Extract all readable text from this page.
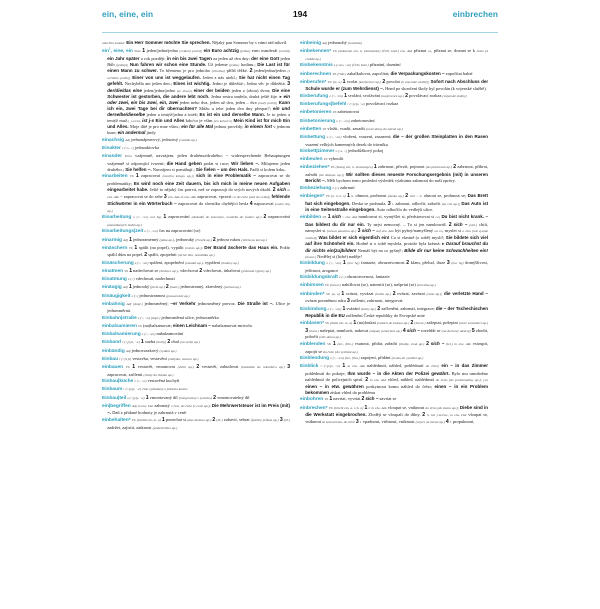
ein, eine, ein	194	einbrechen

mluvčím známá: Ein Herr Sommer möchte Sie sprechen. Nějaký pan Sommer by s vámi rád mluvil.

ein$^1$, eine, ein Num 1 jeden/jedna/jedno (celkový počet); ein Euro achtzig (jedno) euro osmdesát (centů); ein Jahr später o rok později; in ein bis zwei Tagen za jeden až dva dny; der eine Gott jeden Bůh (jediný); Nun fahren wir schon eine Stunde. Už jedeme (jednu) hodinu.; Die Last ist für einen Mann zu schwer. To břemeno je pro jednoho (člověka) příliš těžké. 2 jeden/jedna/jedno (z určitého počtu); Einer von uns ist weggelaufen. Jeden z nás utekl.; Sie hat nicht einen Tag gefehlt. Nechyběla ani jeden den.; Eines ist wichtig. Jedno je důležité.; Jedna věc je důležitá. 3 der/die/das eine jeden/jedna/jedno (ze dvou); einer der beiden jeden z (obou) dvou; Die eine Schwester ist gestorben, die andere lebt noch. Jedna sestra umřela, druhá ještě žije. ▸ ein oder zwei, ein bis zwei, ein, zwei jeden nebo dva, jeden až dva, jeden – dva (malý počet); Kann ich ein, zwei Tage bei dir übernachten? Můžu u tebe jeden dva dny přespat?; ein und derselbe/dieselbe jeden a tentýž/jedna a totéž; Es ist ein und derselbe Mann. Je to jeden a tentýž muž.; j-s/etw. ist j-s Ein und Alles kdo/co je vším pro koho/co; Mein Kind ist für mich Ein und Alles. Moje dítě je pro mne vším.; ein für alle Mal jednou provždy; in einem fort v jednom kuse; ein andermal jindy

einachsig Adj jednonápravový, jednoosý (vozidlo ap.)

Einakter r (~s, =) jednoaktovka

einander Pron vzájemně, navzájem, jeden druhému/druhého; ~ widersprechende Behauptungen vzájemně si odporující tvrzení; die Hand geben podat si ruce; Wir lieben ~. Milujeme jeden druhého.; Sie helfen ~. Navzájem si pomáhají.; Sie fielen ~ um den Hals. Padli si kolem krku.

einarbeiten Vb 1 zapracovat (nového kolegu ap.); sich in eine Problematik ~ zapracovat se do problematiky; Es wird noch eine Zeit dauern, bis ich mich in meine neuen Aufgaben eingearbeitet habe. Ještě to nějaký čas potrvá, než se zapracuji do svých nových úkolů. 2 sich in etw. Akk ~ zapracovat se do sebe 3 etw. Akk in etw. Akk zapracovat, vpravit co do čeho (zad do celku); fehlende Stichwörter in ein Wörterbuch ~ zapracovat do slovníku chybějící hesla 4 napracovat (volné dny ap.)

Einarbeitung e (~, ~en; not Sg) 1 zapracování (dodatků do konceptu, nováčka do funkce ap.) 2 napracování (zameškaných hodin ap.)

Einarbeitungs|zeit e (~, ~en) čas na zapracování (se)

einarmig Adj 1 jednoramenný (páka ap.), jednoruký (člověk ap.) 2 jednou rukou (střela na koš ap.)

einäschern Vb 1 spálit (na popel), vypálit (město ap.); Der Brand äscherte das Haus ein. Požár spálil dům na popel. 2 spálit, zpopelnit (mrtvé tělo, nebožtíka ap.)

Einäscherung e (~, ~en) spálení, zpopelnění (ostatků ap.), vypálení (budovy ap.)

einatmen Vb 1 nadechovat se (hlubece ap.), vdechovat 2 vdechovat, inhalovat (jedovaté výpary ap.)

Einatmung e (~) vdechnutí, nadechnutí

einäugig Adj 1 jednooký (pirát ap.) 2 (hanl.) jednostranný, zkreslený (pohled ap.)

Einäugigkeit e (~) jednostrannost (posuzování ap.)

einbahnig Adj (dopr.) jednosměrný; ~er Verkehr jednosměrný provoz. Die Straße ist ~. Ulice je jednosměrná.

Einbahn|straße e (~, ~n) (dopr.) jednosměrná ulice, jednosměrka

einbalsamieren Vb (na)balzamovat; einen Leichnam ~ nabalzamovat mrtvolu

Einbalsamierung e (~, ~en) nabalzamování

Einband r (~[e]s, ¨-e) 1 vazba (knihy) 2 obal (na sešity ap.)

einbändig Adj jednosvazkový (vydání ap.)

Einbau r (~[e]s) vestavba, vestavění (nábytku, motoru ap.)

einbauen Vb 1 vestavět, vmontovat (skříň ap.) 2 vestavět, zabudovat (bankdisk do rekordéru ap.) 3 zapracovat, začlenit (citáty do článku ap.)

Einbau|küche e (~, ~n) vestavěná kuchyň

Einbaum r (~[e]s, ¨-e) člun vydlabaný z jednoho kmene

Einbau|teil s (~[e]s, ~e) 1 vmontovaný díl (integrovaný v systému) 2 vmontovatelný díl

ein|begriffen Adj in etw. Dat zahrnutý v čem, do čeho (v ceně ap.); Die Mehrwertsteuer ist im Preis (mit) ~. Daň z přidané hodnoty je zahrnutá v ceně.

einbehalten* Vb (behält ein, ie, a) 1 ponechat si (ako zástavu ap.) 2 (úř.) zabavit, sebrat (falešný průkaz ap.) 3 (úř.) zadržet, zajistit, zatknout (podezřelého ap.)

einbeinig Adj jednonohý (invalida)

einbekennen* Vb (bekannte ein, h. einbekannt) (Ö/D, kniž.) etw. Akk přiznat co, přiznat se, doznat se k čemu (k vraždě ap.)

Einbekenntnis s (~ses, ~se) (Ö/D, kniž.) přiznání, doznání

einberechnen Vb (řidč.) zakalkulovat, započítat; die Verpackungskosten ~ započítat balné

einberufen* Vb (ie, u) 1 svolat (konferenci ap.) 2 povolat (k vojenské službě); Sofort nach Abschluss der Schule wurde er (zum Wehrdienst) ~. Hned po skončení školy byl povolán (k vojenské službě).

Einberufung e (~, ~en) 1 svolání, svolávání (konference ap.) 2 povolávací rozkaz (vojenské služby)

Einberufungs|befehl r (~[e]s, ~e) povolávací rozkaz

einbetonieren Vb zabetonovat

Einbetonierung e (~, ~en) zabetonování

einbetten Vb vložit, vsadit, zasadit (nové domy do zeleně ap.)

Einbettung e (~, ~en) vložení, vsazení, zasazení; die ~ der großen Steinplatten in den Rasen vsazení velkých kamenných desek do trávníku

Einbett|zimmer s (~s, ~) jednolůžkový pokoj

einbeulen Vb vyboulit

einbeziehen* Vb (bezog ein, h. einbezogen) 1 zahrnout, přivzít, pojmout (do plánování ap.) 2 zahrnout, přibrat, zařadit (do diskuse ap.); Wir sollten dieses neueste Forschungsergebnis (mit) in unseren Bericht ~. Měli bychom tento poslední výsledek výzkumu zahrnout do naší zprávy.

Einbeziehung e (~) zahrnutí

einbiegen* Vb (o, h./i. o) 1 h. ohnout, prohnout (desku ap.) 2 sich ~ h. ohnout se, prohnout se; Das Brett hat sich eingebogen. Deska se prohnula. 3 i. zahnout, odbočit, zabočit (za roh ap.); Das Auto ist in eine Seitenstraße eingebogen. Auto odbočilo do vedlejší ulice.

einbilden Vb 1 sich ~ etw. Akk namlouvat si, vymýšlet si, představovat si co; Du bist nicht krank. – Das bildest du dir nur ein. Ty nejsi nemocný. – To si jen namlouváš. 2 sich ~ (obl.) chtít, namyslet si (novou panenku ap.) 3 sich ~ auf etw. Akk být pyšný/namyšlený na co, myslet si o čem (mít vysoké mínění); Was bildet er sich eigentlich ein! Co si vlastně (o sobě) myslí!; Sie bildete sich viel auf ihre Schönheit ein. Hodně si o sobě myslela, protože byla krásná. ▸ Darauf brauchst du dir nichts ein(zu)bilden! Nemáš být na co pyšný!; Bilde dir nur keine Schwachheiten ein! (hovor.) Nedělej si (liché) naděje!

Einbildung e (~, ~en) 1 (nur Sg) fantazie, obrazotvornost 2 klam, přelud, iluze 3 (nur Sg) domýšlivost, ješitnost, arogance

Einbildungskraft e (~) obrazotvornost, fantazie

einbimsen Vb (hovor.) nabiflovat (se), naimrtit (se), našprtat (se) (slovíčka ap.)

einbinden* Vb (a, u) 1 svázat, vyvázat (knihu ap.) 2 ovázat, zavázat (ránu ap.); die verletzte Hand ~ ovázat poraněnou ruku 3 začlenit, zahrnout, integrovat

Einbindung e (~, ~en) 1 svázání (knihy ap.) 2 začlenění, zahrnutí, integrace; die ~ der Tschechischen Republik in die EU začlenění České republiky do Evropské unie

einblasen* Vb (bläst ein, ie, a) 1 (na)foukat (vzduch do balonu ap.) 2 (hovor.) zašeptat, pošeptat (směr sousedovi ap.) 3 (hanl.) našeptat, namluvit, nakecat (nápad, pohoršení ap.) 4 sich ~ rozehřát se (na dechový nástroj) 5 zbodit, pobořit (větv domu ap.)

einblenden Vb 1 (tel., film.) vsunout, přidat, zařadit (titulky, zvuk ap.) 2 sich ~ (tel.) in etw. Akk vstoupit, zapojit se do čeho (do vysílání ap.)

Einblendung e (~, ~en) (tel., film.) zapojení, přidání (zvuku do vysílání ap.)

Einblick r (~[e]s, ~e) 1 in etw. Akk nahlédnutí, náhled, pohlédnutí do čeho; ein ~ in das Zimmer pohlédnutí do pokoje; Ihm wurde ~ in die Akten der Polizei gewährt. Bylo mu umožněno nahlédnutí do policejních spisů. 2 in etw. Akk vhled, náhled, nahlédnutí do čeho (do problematiky ap.); j-m einen ~ in etw. gewähren poskytnout komu náhled do čeho; einen ~ in ein Problem bekommen získat vhled do problému

einbohren Vb 1 navrtat, vyvrtat 2 sich ~ zavrtat se

einbrechen* Vb (bricht ein, a, i./h. o) 1 i. in etw. Akk vloupat se, vniknout do čeho (do domu ap.); Diebe sind in die Werkstatt eingebrochen. Zloději se vloupali do dílny. 2 h. bei j-m/etw., in etw. Dat vloupat se, vniknout ke komu/čemu, do čeho 3 i. vpadnout, vtrhnout, vniknout (vojsci na území ap.) 4 i. propuknout,
